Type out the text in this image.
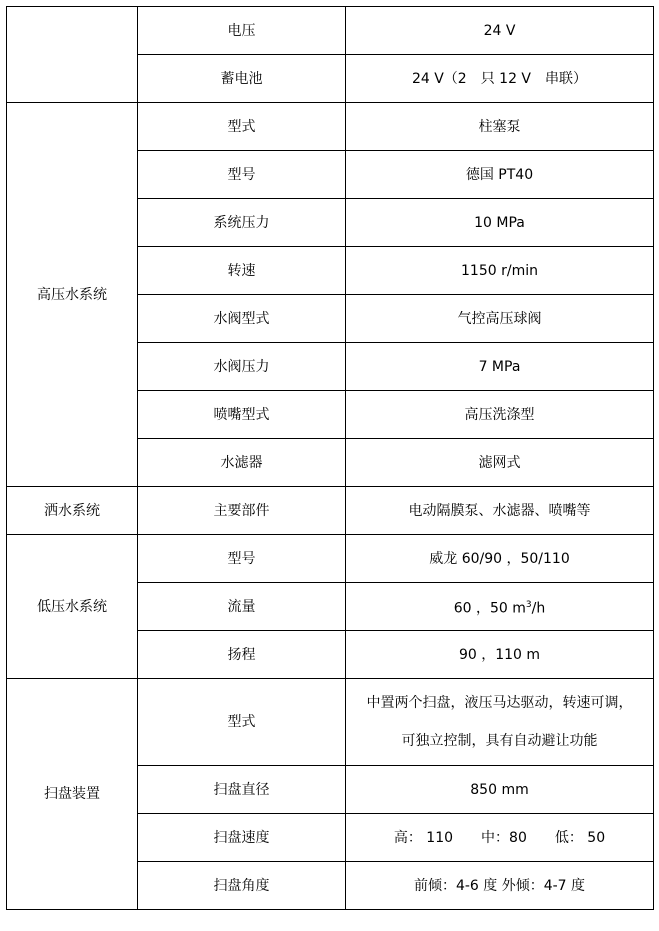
	电压	24 V
	蓄电池	24 V（2　只 12 V　串联）
高压水系统	型式	柱塞泵
	型号	德国 PT40
	系统压力	10 MPa
	转速	1150 r/min
	水阀型式	气控高压球阀
	水阀压力	7 MPa
	喷嘴型式	高压洗涤型
	水滤器	滤网式
洒水系统	主要部件	电动隔膜泵、水滤器、喷嘴等
低压水系统	型号	威龙 60/90 ，50/110
	流量	60 ，50 $m^3/h$
	扬程	90 ，110 m
扫盘装置	型式	中置两个扫盘，液压马达驱动，转速可调，可独立控制，具有自动避让功能
	扫盘直径	850 mm
	扫盘速度	高： 110　　中：80　　低： 50
	扫盘角度	前倾：4-6 度 外倾：4-7 度
